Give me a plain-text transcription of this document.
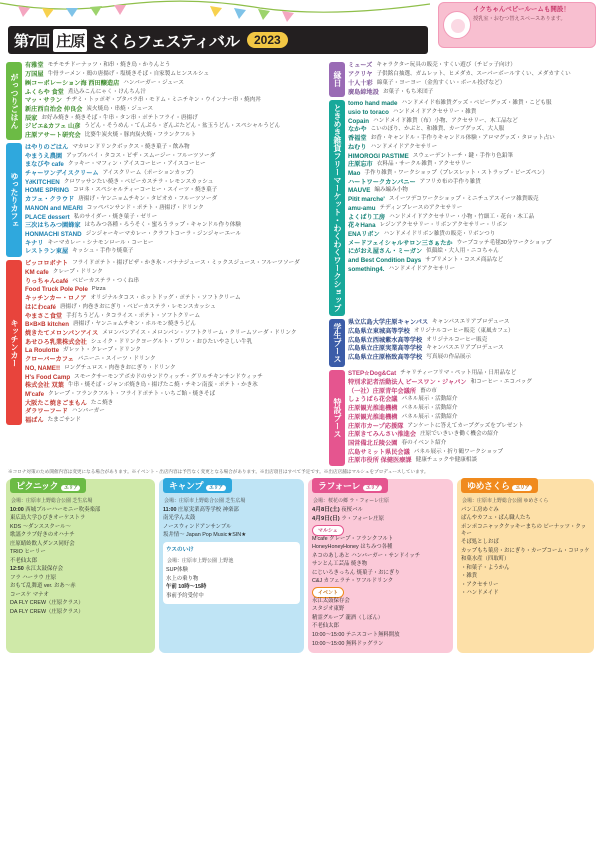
第7回 庄原 さくらフェスティバル	2023
イクちゃんベビールームも開設！
授乳室・おむつ替えスペースあります。
がっつりごはん
有雅堂 モチモチドーナッツ・和串・焼き鳥・かりんとう
万国屋 牛骨ラーメン・鶏の唐揚げ・塩焼きそば・自家製ムヒンスルシュ
㈱コーポレーション海 西田醸造店 ハンバーガー・ジュース
ふくらや 食堂 煮込みこんにゃく・けんちん汁
マッ・サラン チヂミ・トッポギ・ブタバラ串・モドム・ミニチキン・ウインナー串・焼肉丼
新庄西自治会 仲良会 炭火焼鳥・串焼・ジュース
辰家 お好み焼き・焼きそば・牛串・タン串・ポテトフライ・唐揚げ
ジビエ&カフェ 山彦 うどん・そうめん・てんぷら・ざんぶたどん・盆玉うどん・スペシャルうどん
庄原アサート研究会 比婆牛炭火焼・豚肉炭火焼・フランクフルト
ゆったりカフェ
はやりのごはん マカロンドリンクボックス・焼き菓子・飲み物
やまうえ農園 アップルパイ・タコス・ピザ・スムージー・フルーツソーダ
まなびや cafe クッキー・マフィン・アイスコーヒー・アイスコーヒー
チャーワンデイスクリーム アイスクリーム（ポーションカップ）
Y∂KITCHEN クロワッサンたい焼き・ベビーカステラ・レモンスカッシュ
HOME SPRING コロネ・スペシャルティーコーヒー・スイーツ・焼き菓子
カフェ・クラウド 唐揚げ・ヤンニョムチキン・タピオカ・フルーツソーダ
MANON and MEARI コッペパンサンド・ポテト・唐揚げ・ドリンク
PLACE dessert 私のサイダー・焼き菓子・ゼリー
三次はちみつ園蜂家 はちみつ各種・ろうそく・蜜ろうラップ・キャンドル作り体験
HONMACHI STAND ジンジャーキーマカレー・クラフトコーラ・ジンジャーエール
キナリ キーマカレー・シナモンロール・コーヒー
レストラン東屋 キッシュ・手作り焼菓子
キッチンカー
ピッコロボナト フライドポテト・揚げピザ・かき氷・バナナジュース・ミックスジュース・フルーツソーダ
KM cafe クレープ・ドリンク
りっちゃんcafé ベビーカステラ・つくね串
Food Truck Pole Pole Pizza
キッチンカー・ロノア オリジナルタコス・ホットドッグ・ポテト・ソフトクリーム
はにわcafé 唐揚げ・肉巻きおにぎり・ベビーカステラ・レモンスカッシュ
やまさこ食堂 手打ちうどん・タコライス・ポテト・ソフトクリーム
B×B×B kitchen 唐揚げ・ヤンニョムチキン・ホルモン焼きうどん
焼きたてメロンパンアイス メロンパンアイス・メロンパン・ソフトクリーム・クリームソーダ・ドリンク
あせひろ乳業株式会社 シェイク・ドリンクヨーグルト・プリン・おひたいやさしい牛乳
La Roulotte ガレット・クレープ・ドリンク
クローバーカフェ パニーニ・スイーツ・ドリンク
NO, NAME!! ロングチュロス・肉巻きおにぎり・ドリンク
H's Food Camp スモークサーモンアボカドのサンドウィッチ・グリルチキンサンドウィッチ
株式会社 双葉 牛串・焼そば・ジャンボ焼き鳥・揚げたこ焼・チキン南蛮・ポテト・かき氷
M'cafe クレープ・フランクフルト・フライドポテト・いちご飴・焼きそば
大阪たこ焼きごまもん たこ焼き
ダラワーフード ハンバーガー
福ぱん たまごサンド
縁日
ミューズ キャラクター玩具の販売・すくい遊び（チビッ子向け）
アクリヤ 子供銘白抽選、ガムレット、ヒメダカ、スーパーボールすくい、メダカすくい
十人十彩 綿菓子・ヨーヨー（金魚すくい・ボール投げなど）
廣島綜地設 お菓子・もち米団子
ときめき雑貨フリーマーケット・わくわくワークショップ
tomo hand made ハンドメイド布雑貨グッズ・ベビーグッズ・雑貨・こども服
usio to toraco ハンドメイドアクセサリー・雑貨
Copain ハンドメイド雑貨（布）小物、アクセサリー、木工品など
なかや こいのぼり、かぶと、和雑貨、カーブグッズ、大人服
香福堂 お香・キャンドル・手作りキャンドル体験・アロマグッズ・タロット占い
ねむり ハンドメイドアクセサリー
HIMOROGI PASTIME スウェーデントーチ・鍵・手作り色鉛筆
庄原忘市 衣料品・サークル雑貨・アクセサリー
Mao 手作り雑貨・ワークショップ（プレスレット・ストラップ・ビーズペン）
ハートワークカンパニー アフリカ布の手作り雑貨
MAUVE 編み編み小物
Pitit marche' スイーツデコワークショップ・ミニチュアスイーツ雑貨販売
amu-amu テディンプレースのアクセサリー
よくばり工房 ハンドメイドアクセサリー・小物・竹細工・花台・木工品
花々Hana レジンアクセサリー・リボンアクセサリー・リボン
ENAリボン ハンドメイドリボン雑貨の販売・リボンつり
メードフェイシャルサロン三さぁたか ウーブコッテ毛毬30分ワークショップ
にがおえ屋さん・ミーガン 似顔絵・大人用・ニコちゃん
and Best Condition Days サプリメント・コスメ商品など
something4. ハンドメイドアクセサリー
学生ブース
県立広島大学庄原キャンパス キャンパスエリアプロデュース
広島県立東城高等学校 オリジナルコーヒー販売（東風カフェ）
広島県立西城紫水高等学校 オリジナルコーヒー販売
広島県立庄原実業高等学校 キャンパスエリアプロデュース
広島県立庄原格致高等学校 写真展の作品展示
特設ブース
STEP☆Dog&Cat チャリティーフリマ・ペット用品・日用品など
特別求記者活動法人 ピースワン・ジャパン 和コーヒー・エコバッグ
（一社）庄原青年会議所 畜の市
しょうばら花会議 パネル展示・活動紹介
庄原観光推進機構 パネル展示・活動紹介
庄原観光推進機構 パネル展示・活動紹介
庄原市カープ応援隊 アンケートに答えてカープグッズをプレゼント
庄原きてみんさい推進会 庄原でいきいき働く機会の紹介
国営備北丘陵公園 春のイベント紹介
広島サミット県民会議 パネル展示・折り鶴ワークショップ
庄原市役所 保健医療課 健康チェックや健康相談
※コロナ対策のため開催内容は変更になる場合があります。※イベント・出店内容は予告なく変更となる場合があります。※出店項目はすべて予定です。※出店店舗はマルシェをプロデュースしています。
ピクニック エリア
会場：庄原市上野総合公園 芝生広場
10:00 西城ブルーハーモニー吹奏楽部
東広島大学ひびきオーケストラ
KDS ～ダンススクール～
歌謡クラブ好きのオハナチ
庄原蜻蛉飲人ダンス同好会
TRIO ヒーリー
不老仙太郎
12:50 永江太鼓保存会
フラ ハーラウ 庄原
おもて乱舞道 ver. おあ～赤
コースケ マナオ
DA FLY CREW（庄原クラス）
DA FLY CREW（庄原クラス）
キャンプ エリア
会場：庄原市上野総合公園 芝生広場
11:00 庄原実業高等学校 神楽部
南光学ん太鼓
ノースウィンドアンサンブル
坂井情～ Japan Pop Music★SIN★
ウスのいけ
会場：庄原市上野公園 上野池
SUP体験
水上の乗り物
午前 10時～15時
事前予約受付中
ラフォーレ エリア
会場：桜花の郷 ラ・フォーレ庄原
4月8日(土) 夜桜バル
4月9日(日) ラ・フォーレ庄原
マルシェ
M'cafe クレープ・フランクフルト
HoneyHoneyHoney はちみつ各種
ネコのあしあと ハンバーガー・サンドイッチ
サンとん工芸品 焼き物
にじいろきっちん 焼菓子・おにぎり
C&J カフェラテ・ワフルドリンク
イベント
永江太鼓保存会
スタジオ東野
精霊グループ 瀧酒（しぼん）
不老仙太郎
10:00～15:00 テニスコート無料開放
10:00～15:00 無料ドッグラン
ゆめさくら エリア
会場：庄原市上野総合公園 ゆめさくら
パン工房めぐみ
ぱんやカフェ・ぱん職人たち
ポンポコニャッククッキーまちの ビーナッツ・クッキー
そば処としおば
カップもち菓房・おにぎり・カープコーム・コロッケ
和菓水産（四取町）
・和菓子・ようかん
・雑貨
・アクセサリー
・ハンドメイド
